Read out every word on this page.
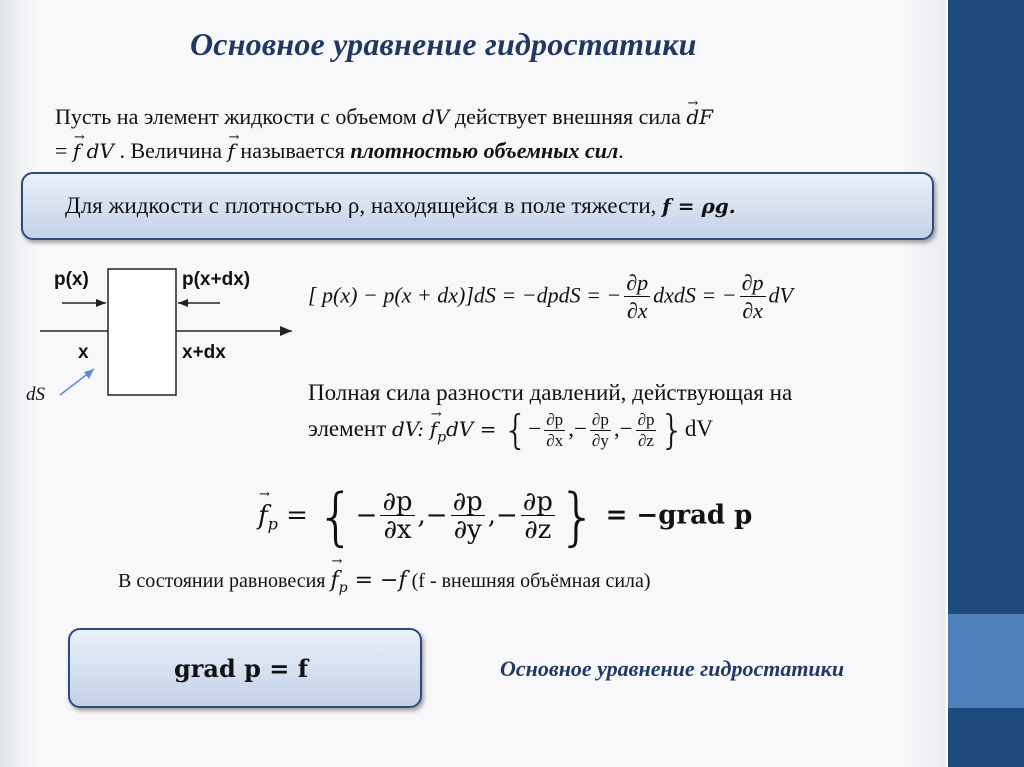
Основное уравнение гидростатики
Пусть на элемент жидкости с объемом dV действует внешняя сила dF →
= f dV → . Величина f → называется плотностью объемных сил.
Для жидкости с плотностью ρ, находящейся в поле тяжести, f = ρg.
p(x)	p(x+dx)
x	x+dx
dS
[ p(x) − p(x + dx)]dS = −dpdS = − $\frac{\partial p}{\partial x}$ dxdS = − $\frac{\partial p}{\partial x}$ dV
Полная сила разности давлений, действующая на
элемент dV: $f \to_pdV$ = {− $\frac{\partial p}{\partial x}$ ,− $\frac{\partial p}{\partial y}$ ,− $\frac{\partial p}{\partial z} \}dV$
$f \to_p$ = {− $\frac{\partial p}{\partial x}$ ,− $\frac{\partial p}{\partial y}$ ,− $\frac{\partial p}{\partial z}$ } = −grad p
В состоянии равновесия $f \to_p = -f$ (f - внешняя объёмная сила)
grad p = f	Основное уравнение гидростатики
